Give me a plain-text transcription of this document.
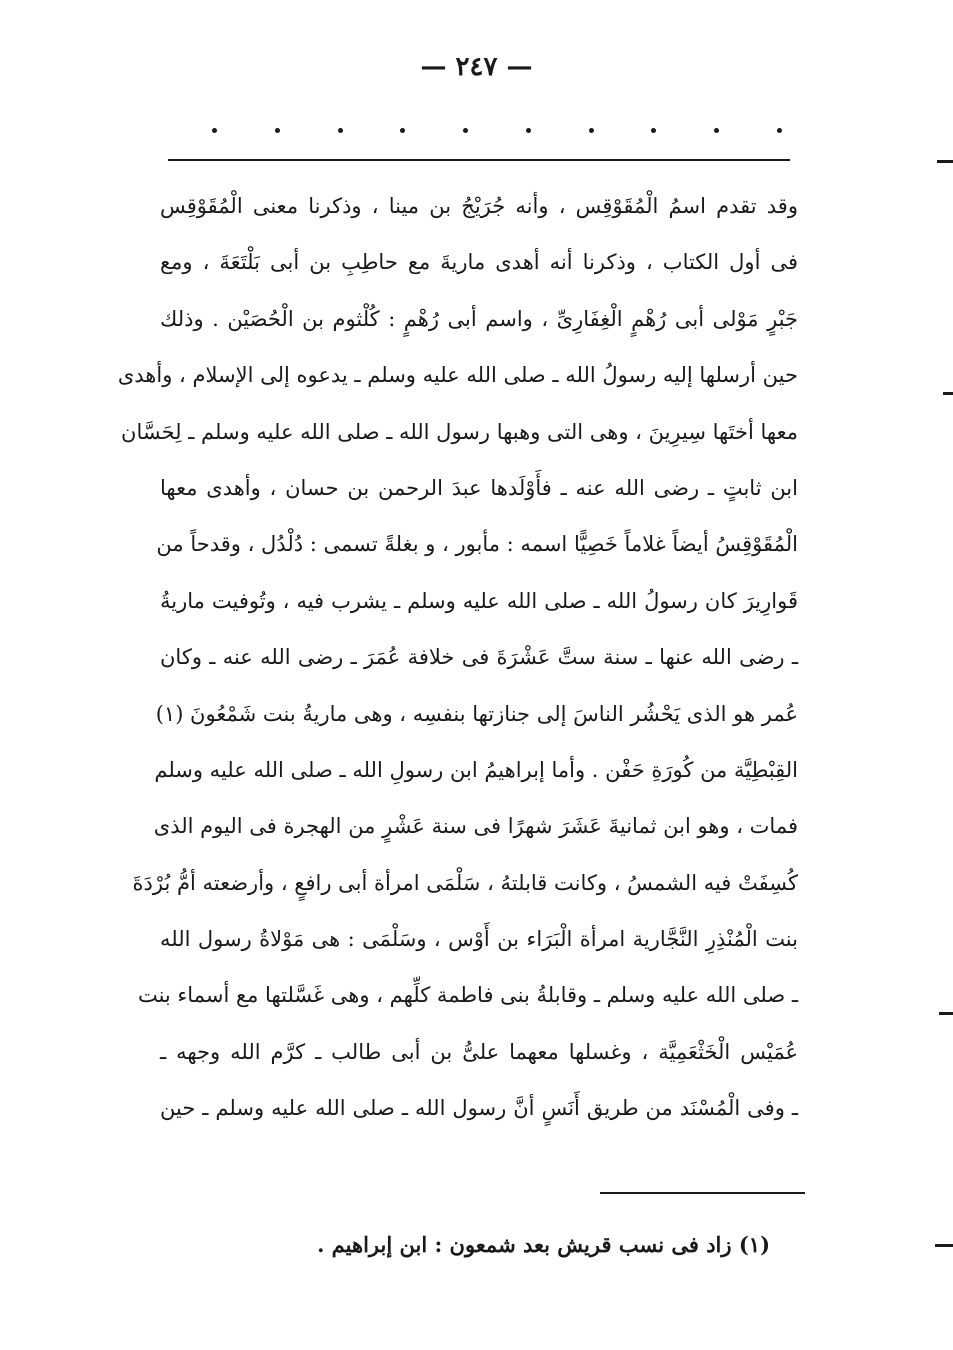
— ٢٤٧ —
وقد تقدم اسمُ الْمُقَوْقِس ، وأنه جُرَيْجُ بن مينا ، وذكرنا معنى الْمُقَوْقِس
فى أول الكتاب ، وذكرنا أنه أهدى ماريةَ مع حاطِبِ بن أبى بَلْتَعَةَ ، ومع
جَبْرٍ مَوْلى أبى رُهْمٍ الْغِفَارِىِّ ، واسم أبى رُهْمٍ : كُلْثوم بن الْحُصَيْن . وذلك
حين أرسلها إليه رسولُ الله ـ صلى الله عليه وسلم ـ يدعوه إلى الإسلام ، وأهدى
معها أختَها سِيرِينَ ، وهى التى وهبها رسول الله ـ صلى الله عليه وسلم ـ لِحَسَّان
ابن ثابتٍ ـ رضى الله عنه ـ فأَوْلَدها عبدَ الرحمن بن حسان ، وأهدى معها
الْمُقَوْقِسُ أيضاً غلاماً خَصِيًّا اسمه : مأبور ، و بغلةً تسمى : دُلْدُل ، وقدحاً من
قَوارِيرَ كان رسولُ الله ـ صلى الله عليه وسلم ـ يشرب فيه ، وتُوفيت ماريةُ
ـ رضى الله عنها ـ سنة ستَّ عَشْرَةَ فى خلافة عُمَرَ ـ رضى الله عنه ـ وكان
عُمر هو الذى يَحْشُر الناسَ إلى جنازتها بنفسِه ، وهى ماريةُ بنت شَمْعُونَ (١)
القِبْطِيَّة من كُورَةِ حَفْن . وأما إبراهيمُ ابن رسولِ الله ـ صلى الله عليه وسلم
فمات ، وهو ابن ثمانيةَ عَشَرَ شهرًا فى سنة عَشْرٍ من الهجرة فى اليوم الذى
كُسِفَتْ فيه الشمسُ ، وكانت قابلتهُ ، سَلْمَى امرأة أبى رافعٍ ، وأرضعته أمُّ بُرْدَةَ
بنت الْمُنْذِرِ النَّجَّارية امرأة الْبَرَاء بن أَوْس ، وسَلْمَى : هى مَوْلاةُ رسول الله
ـ صلى الله عليه وسلم ـ وقابلةُ بنى فاطمة كلِّهم ، وهى غَسَّلتها مع أسماء بنت
عُمَيْس الْخَثْعَمِيَّة ، وغسلها معهما علىُّ بن أبى طالب ـ كرَّم الله وجهه ـ
ـ وفى الْمُسْنَد من طريق أَنَسٍ أنَّ رسول الله ـ صلى الله عليه وسلم ـ حين
(١) زاد فى نسب قريش بعد شمعون : ابن إبراهيم .
